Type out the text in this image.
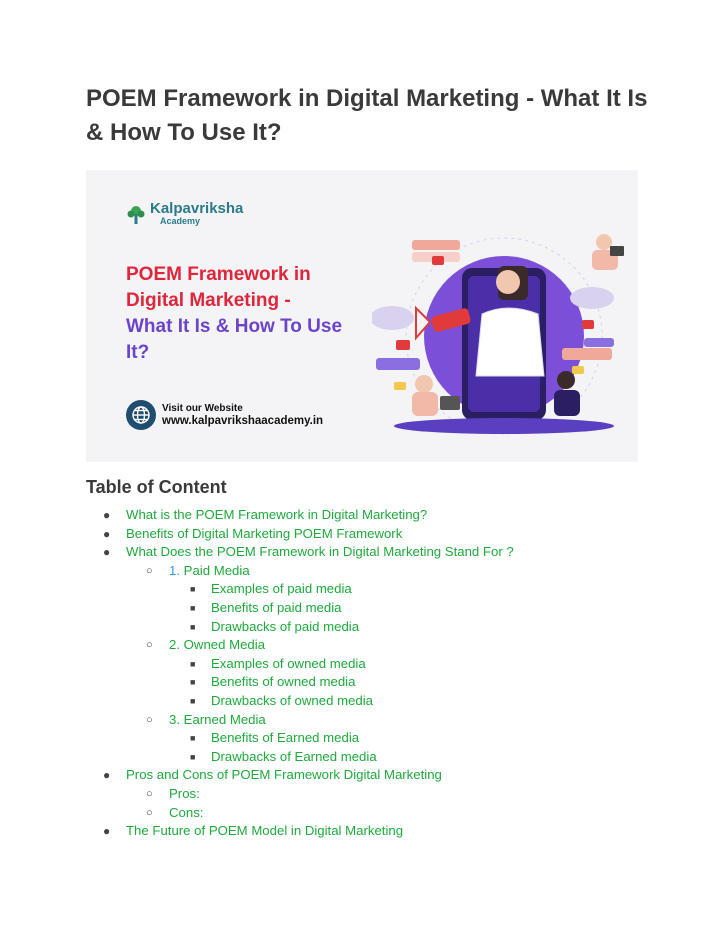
POEM Framework in Digital Marketing - What It Is & How To Use It?
Kalpavriksha
Academy
POEM Framework in Digital Marketing -
What It Is & How To Use It?
Visit our Website
www.kalpavrikshaacademy.in
Table of Content
● What is the POEM Framework in Digital Marketing?
● Benefits of Digital Marketing POEM Framework
● What Does the POEM Framework in Digital Marketing Stand For ?
○ 1. Paid Media
■ Examples of paid media
■ Benefits of paid media
■ Drawbacks of paid media
○ 2. Owned Media
■ Examples of owned media
■ Benefits of owned media
■ Drawbacks of owned media
○ 3. Earned Media
■ Benefits of Earned media
■ Drawbacks of Earned media
● Pros and Cons of POEM Framework Digital Marketing
○ Pros:
○ Cons:
● The Future of POEM Model in Digital Marketing
